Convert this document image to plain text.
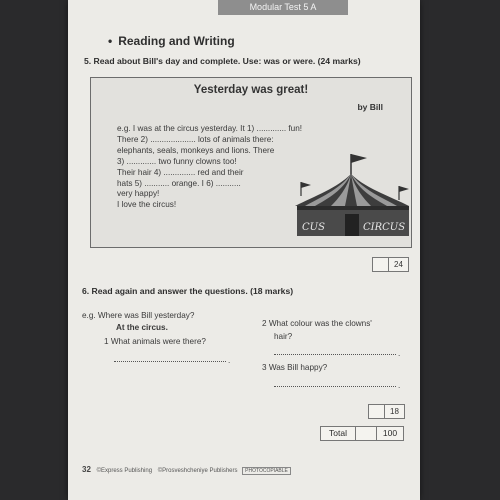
Modular Test 5 A
• Reading and Writing
5. Read about Bill's day and complete. Use: was or were. (24 marks)
Yesterday was great!
by Bill
e.g. I was at the circus yesterday. It 1) ............. fun!
There 2) .................... lots of animals there:
elephants, seals, monkeys and lions. There
3) ............. two funny clowns too!
Their hair 4) .............. red and their
hats 5) ........... orange. I 6) ...........
very happy!
I love the circus!
CUS	CIRCUS
24
6. Read again and answer the questions. (18 marks)
e.g. Where was Bill yesterday?
At the circus.
1 What animals were there?
.
2 What colour was the clowns'
hair?
.
3 Was Bill happy?
.
18
Total	100
32 ©Express Publishing ©Prosveshcheniye Publishers PHOTOCOPIABLE
